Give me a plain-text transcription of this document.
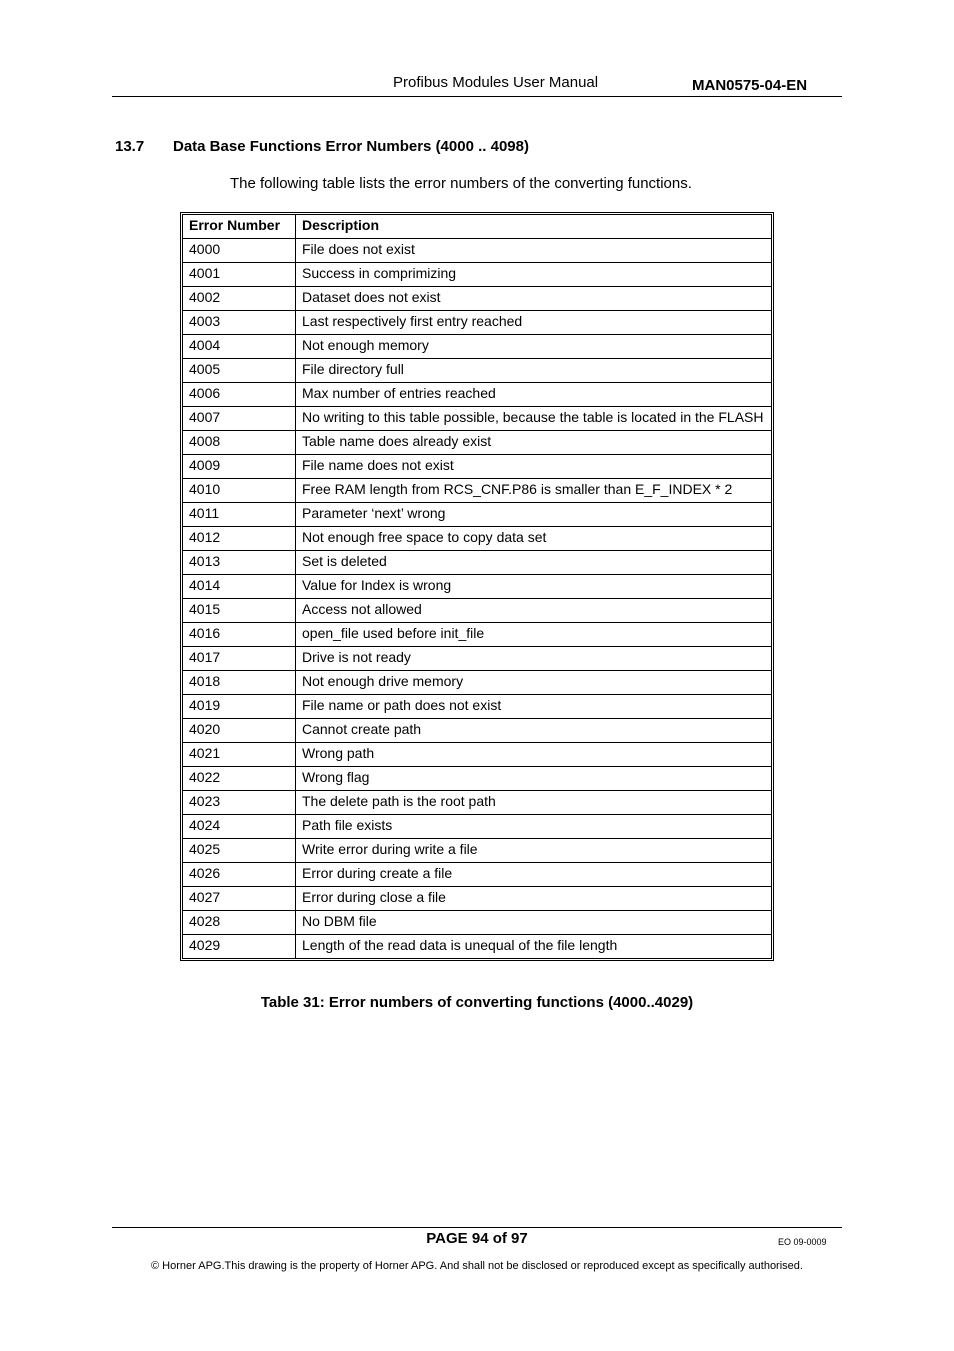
Profibus Modules User Manual	MAN0575-04-EN
13.7 Data Base Functions Error Numbers (4000 .. 4098)
The following table lists the error numbers of the converting functions.
Error Number	Description
4000	File does not exist
4001	Success in comprimizing
4002	Dataset does not exist
4003	Last respectively first entry reached
4004	Not enough memory
4005	File directory full
4006	Max number of entries reached
4007	No writing to this table possible, because the table is located in the FLASH
4008	Table name does already exist
4009	File name does not exist
4010	Free RAM length from RCS_CNF.P86 is smaller than E_F_INDEX * 2
4011	Parameter ‘next’ wrong
4012	Not enough free space to copy data set
4013	Set is deleted
4014	Value for Index is wrong
4015	Access not allowed
4016	open_file used before init_file
4017	Drive is not ready
4018	Not enough drive memory
4019	File name or path does not exist
4020	Cannot create path
4021	Wrong path
4022	Wrong flag
4023	The delete path is the root path
4024	Path file exists
4025	Write error during write a file
4026	Error during create a file
4027	Error during close a file
4028	No DBM file
4029	Length of the read data is unequal of the file length
Table 31: Error numbers of converting functions (4000..4029)
PAGE 94 of 97	EO 09-0009
© Horner APG.This drawing is the property of Horner APG. And shall not be disclosed or reproduced except as specifically authorised.
